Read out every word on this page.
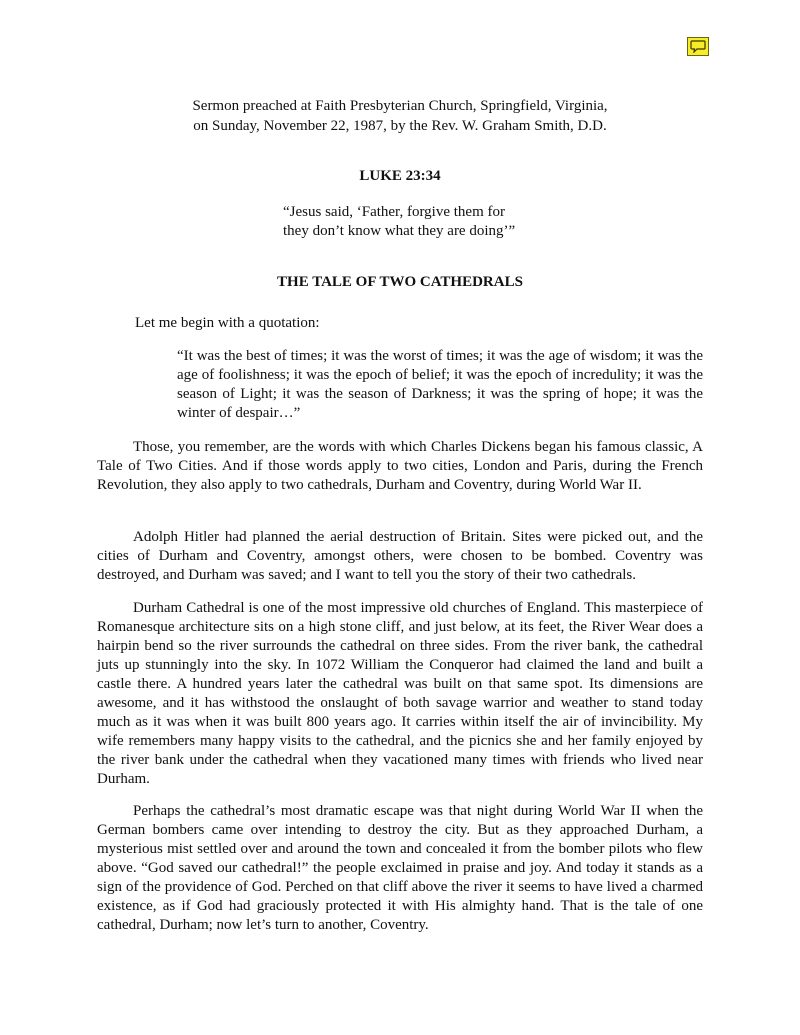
Sermon preached at Faith Presbyterian Church, Springfield, Virginia,

on Sunday, November 22, 1987, by the Rev. W. Graham Smith, D.D.

LUKE 23:34

“Jesus said, ‘Father, forgive them for

they don’t know what they are doing’”

THE TALE OF TWO CATHEDRALS

Let me begin with a quotation:

“It was the best of times; it was the worst of times; it was the age of wisdom; it was the age of foolishness; it was the epoch of belief; it was the epoch of incredulity; it was the season of Light; it was the season of Darkness; it was the spring of hope; it was the winter of despair…”

Those, you remember, are the words with which Charles Dickens began his famous classic, A Tale of Two Cities. And if those words apply to two cities, London and Paris, during the French Revolution, they also apply to two cathedrals, Durham and Coventry, during World War II.

Adolph Hitler had planned the aerial destruction of Britain. Sites were picked out, and the cities of Durham and Coventry, amongst others, were chosen to be bombed. Coventry was destroyed, and Durham was saved; and I want to tell you the story of their two cathedrals.

Durham Cathedral is one of the most impressive old churches of England. This masterpiece of Romanesque architecture sits on a high stone cliff, and just below, at its feet, the River Wear does a hairpin bend so the river surrounds the cathedral on three sides. From the river bank, the cathedral juts up stunningly into the sky. In 1072 William the Conqueror had claimed the land and built a castle there. A hundred years later the cathedral was built on that same spot. Its dimensions are awesome, and it has withstood the onslaught of both savage warrior and weather to stand today much as it was when it was built 800 years ago. It carries within itself the air of invincibility. My wife remembers many happy visits to the cathedral, and the picnics she and her family enjoyed by the river bank under the cathedral when they vacationed many times with friends who lived near Durham.

Perhaps the cathedral’s most dramatic escape was that night during World War II when the German bombers came over intending to destroy the city. But as they approached Durham, a mysterious mist settled over and around the town and concealed it from the bomber pilots who flew above. “God saved our cathedral!” the people exclaimed in praise and joy. And today it stands as a sign of the providence of God. Perched on that cliff above the river it seems to have lived a charmed existence, as if God had graciously protected it with His almighty hand. That is the tale of one cathedral, Durham; now let’s turn to another, Coventry.
